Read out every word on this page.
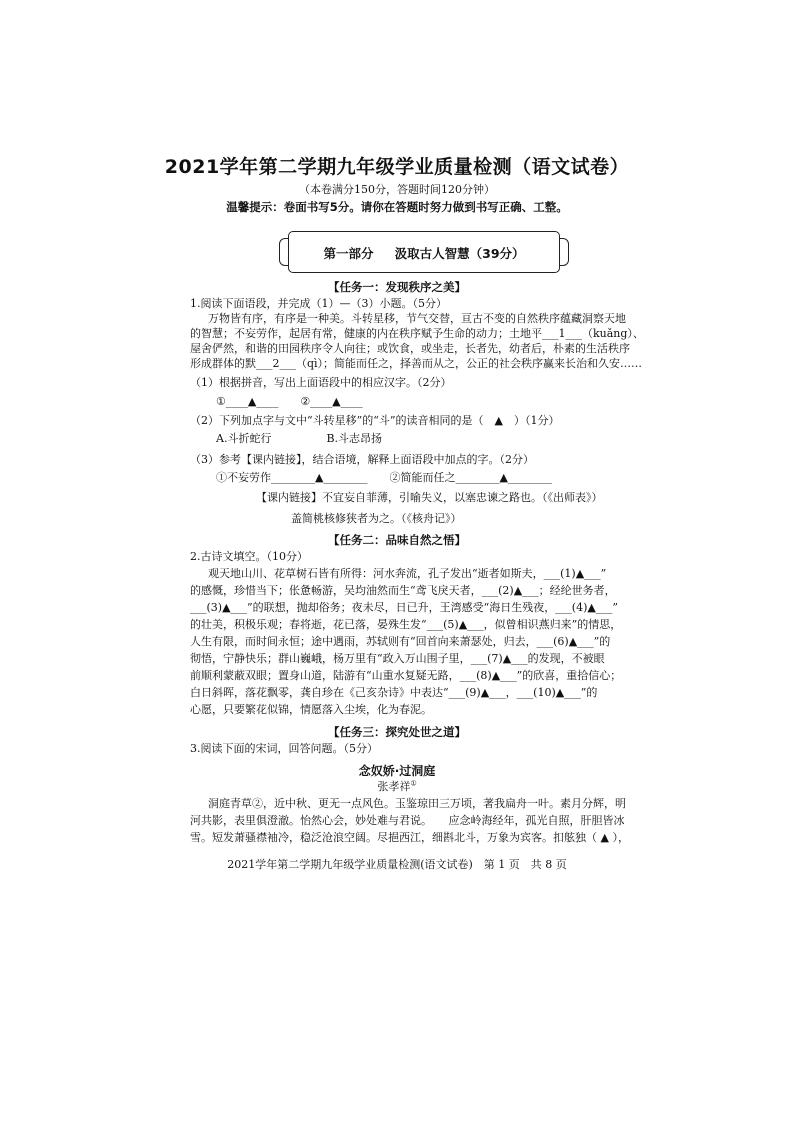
2021学年第二学期九年级学业质量检测（语文试卷）
（本卷满分150分，答题时间120分钟）
温馨提示：卷面书写5分。请你在答题时努力做到书写正确、工整。
第一部分　  汲取古人智慧（39分）
【任务一：发现秩序之美】
1.阅读下面语段，并完成（1）—（3）小题。（5分）
万物皆有序，有序是一种美。斗转星移，节气交替，亘古不变的自然秩序蕴藏洞察天地
的智慧；不妄劳作，起居有常，健康的内在秩序赋予生命的动力；土地平___1___（kuǎng）、
屋舍俨然，和谐的田园秩序令人向往；或饮食，或坐走，长者先，幼者后，朴素的生活秩序
形成群体的默___2___（qì）；简能而任之，择善而从之，公正的社会秩序赢来长治和久安……
（1）根据拼音，写出上面语段中的相应汉字。（2分）
①____▲____　　②____▲____
（2）下列加点字与文中“斗转星移”的“斗”的读音相同的是（　▲　）（1分）
A.斗折蛇行　　　　　B.斗志昂扬
（3）参考【课内链接】，结合语境，解释上面语段中加点的字。（2分）
①不妄劳作________▲________　　②简能而任之________▲________
【课内链接】不宜妄自菲薄，引喻失义，以塞忠谏之路也。（《出师表》）
盖简桃核修狭者为之。（《核舟记》）
【任务二：品味自然之悟】
2.古诗文填空。（10分）
观天地山川、花草树石皆有所得：河水奔流，孔子发出“逝者如斯夫，___(1)▲___”
的感慨，珍惜当下；伥惫畅游，吴均油然而生“鸢飞戾天者，___(2)▲___；经纶世务者，
___(3)▲___”的联想，抛却俗务；夜未尽，日已升，王湾感受“海日生残夜，___(4)▲___”
的壮美，积极乐观；春将逝，花已落，晏殊生发“___(5)▲___，似曾相识燕归来”的情思，
人生有限，而时间永恒；途中遇雨，苏轼则有“回首向来萧瑟处，归去，___(6)▲___”的
彻悟，宁静快乐；群山巍峨，杨万里有“政入万山围子里，___(7)▲___的发现，不被眼
前顺利蒙蔽双眼；置身山道，陆游有“山重水复疑无路，___(8)▲___”的欣喜，重拾信心；
白日斜晖，落花飘零，龚自珍在《己亥杂诗》中表达“___(9)▲___，___(10)▲___”的
心愿，只要繁花似锦，情愿落入尘埃，化为春泥。
【任务三：探究处世之道】
3.阅读下面的宋词，回答问题。（5分）
念奴娇·过洞庭
张孝祥①
洞庭青草②，近中秋、更无一点风色。玉鉴琼田三万顷，著我扁舟一叶。素月分辉，明
河共影，表里俱澄澈。怡然心会，妙处难与君说。　　应念岭海经年，孤光自照，肝胆皆冰
雪。短发萧骚襟袖冷，稳泛沧浪空阔。尽挹西江，细斟北斗，万象为宾客。扣舷独（ ▲ ），
2021学年第二学期九年级学业质量检测(语文试卷)　第 1 页　共 8 页
